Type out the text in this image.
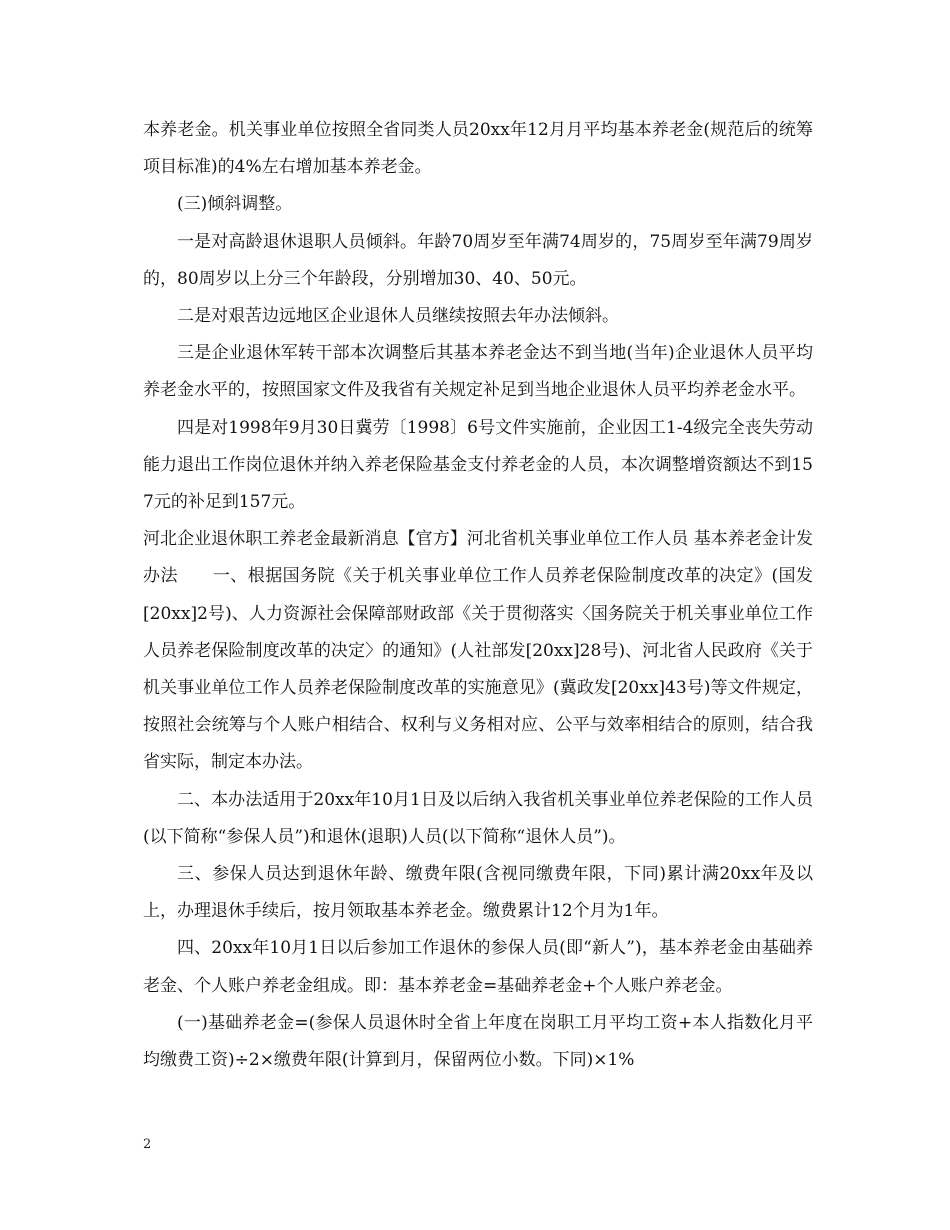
本养老金。机关事业单位按照全省同类人员20xx年12月月平均基本养老金(规范后的统筹项目标准)的4%左右增加基本养老金。

(三)倾斜调整。

一是对高龄退休退职人员倾斜。年龄70周岁至年满74周岁的，75周岁至年满79周岁的，80周岁以上分三个年龄段，分别增加30、40、50元。

二是对艰苦边远地区企业退休人员继续按照去年办法倾斜。

三是企业退休军转干部本次调整后其基本养老金达不到当地(当年)企业退休人员平均养老金水平的，按照国家文件及我省有关规定补足到当地企业退休人员平均养老金水平。

四是对1998年9月30日冀劳〔1998〕6号文件实施前，企业因工1-4级完全丧失劳动能力退出工作岗位退休并纳入养老保险基金支付养老金的人员，本次调整增资额达不到157元的补足到157元。

河北企业退休职工养老金最新消息【官方】河北省机关事业单位工作人员 基本养老金计发办法　　一、根据国务院《关于机关事业单位工作人员养老保险制度改革的决定》(国发[20xx]2号)、人力资源社会保障部财政部《关于贯彻落实〈国务院关于机关事业单位工作人员养老保险制度改革的决定〉的通知》(人社部发[20xx]28号)、河北省人民政府《关于机关事业单位工作人员养老保险制度改革的实施意见》(冀政发[20xx]43号)等文件规定，按照社会统筹与个人账户相结合、权利与义务相对应、公平与效率相结合的原则，结合我省实际，制定本办法。

二、本办法适用于20xx年10月1日及以后纳入我省机关事业单位养老保险的工作人员(以下简称“参保人员”)和退休(退职)人员(以下简称“退休人员”)。

三、参保人员达到退休年龄、缴费年限(含视同缴费年限，下同)累计满20xx年及以上，办理退休手续后，按月领取基本养老金。缴费累计12个月为1年。

四、20xx年10月1日以后参加工作退休的参保人员(即“新人”)，基本养老金由基础养老金、个人账户养老金组成。即：基本养老金=基础养老金+个人账户养老金。

(一)基础养老金=(参保人员退休时全省上年度在岗职工月平均工资+本人指数化月平均缴费工资)÷2×缴费年限(计算到月，保留两位小数。下同)×1%

2
